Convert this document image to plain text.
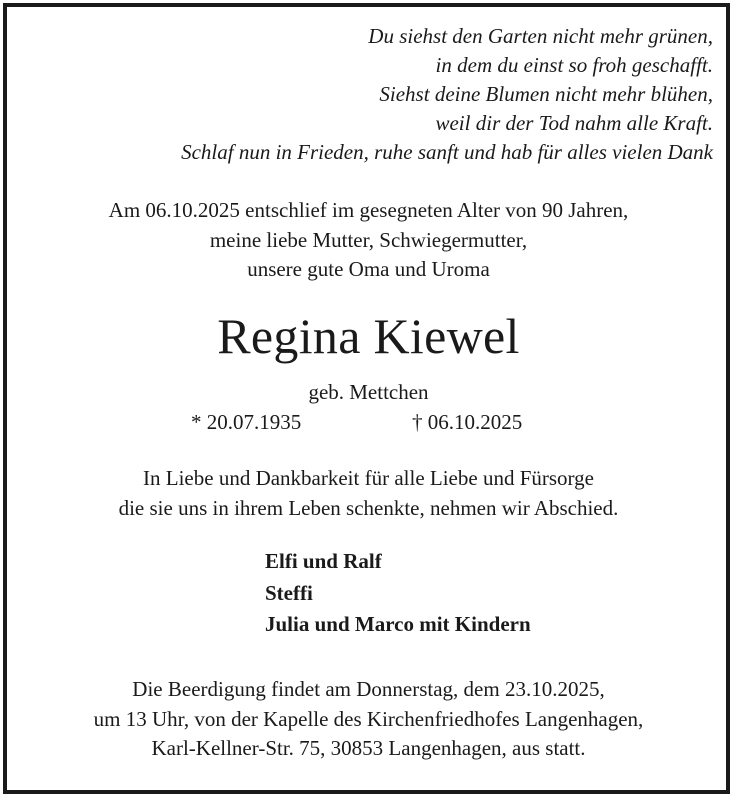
Du siehst den Garten nicht mehr grünen,
in dem du einst so froh geschafft.
Siehst deine Blumen nicht mehr blühen,
weil dir der Tod nahm alle Kraft.
Schlaf nun in Frieden, ruhe sanft und hab für alles vielen Dank
Am 06.10.2025 entschlief im gesegneten Alter von 90 Jahren,
meine liebe Mutter, Schwiegermutter,
unsere gute Oma und Uroma
Regina Kiewel
geb. Mettchen
* 20.07.1935	† 06.10.2025
In Liebe und Dankbarkeit für alle Liebe und Fürsorge
die sie uns in ihrem Leben schenkte, nehmen wir Abschied.
Elfi und Ralf
Steffi
Julia und Marco mit Kindern
Die Beerdigung findet am Donnerstag, dem 23.10.2025,
um 13 Uhr, von der Kapelle des Kirchenfriedhofes Langenhagen,
Karl-Kellner-Str. 75, 30853 Langenhagen, aus statt.
